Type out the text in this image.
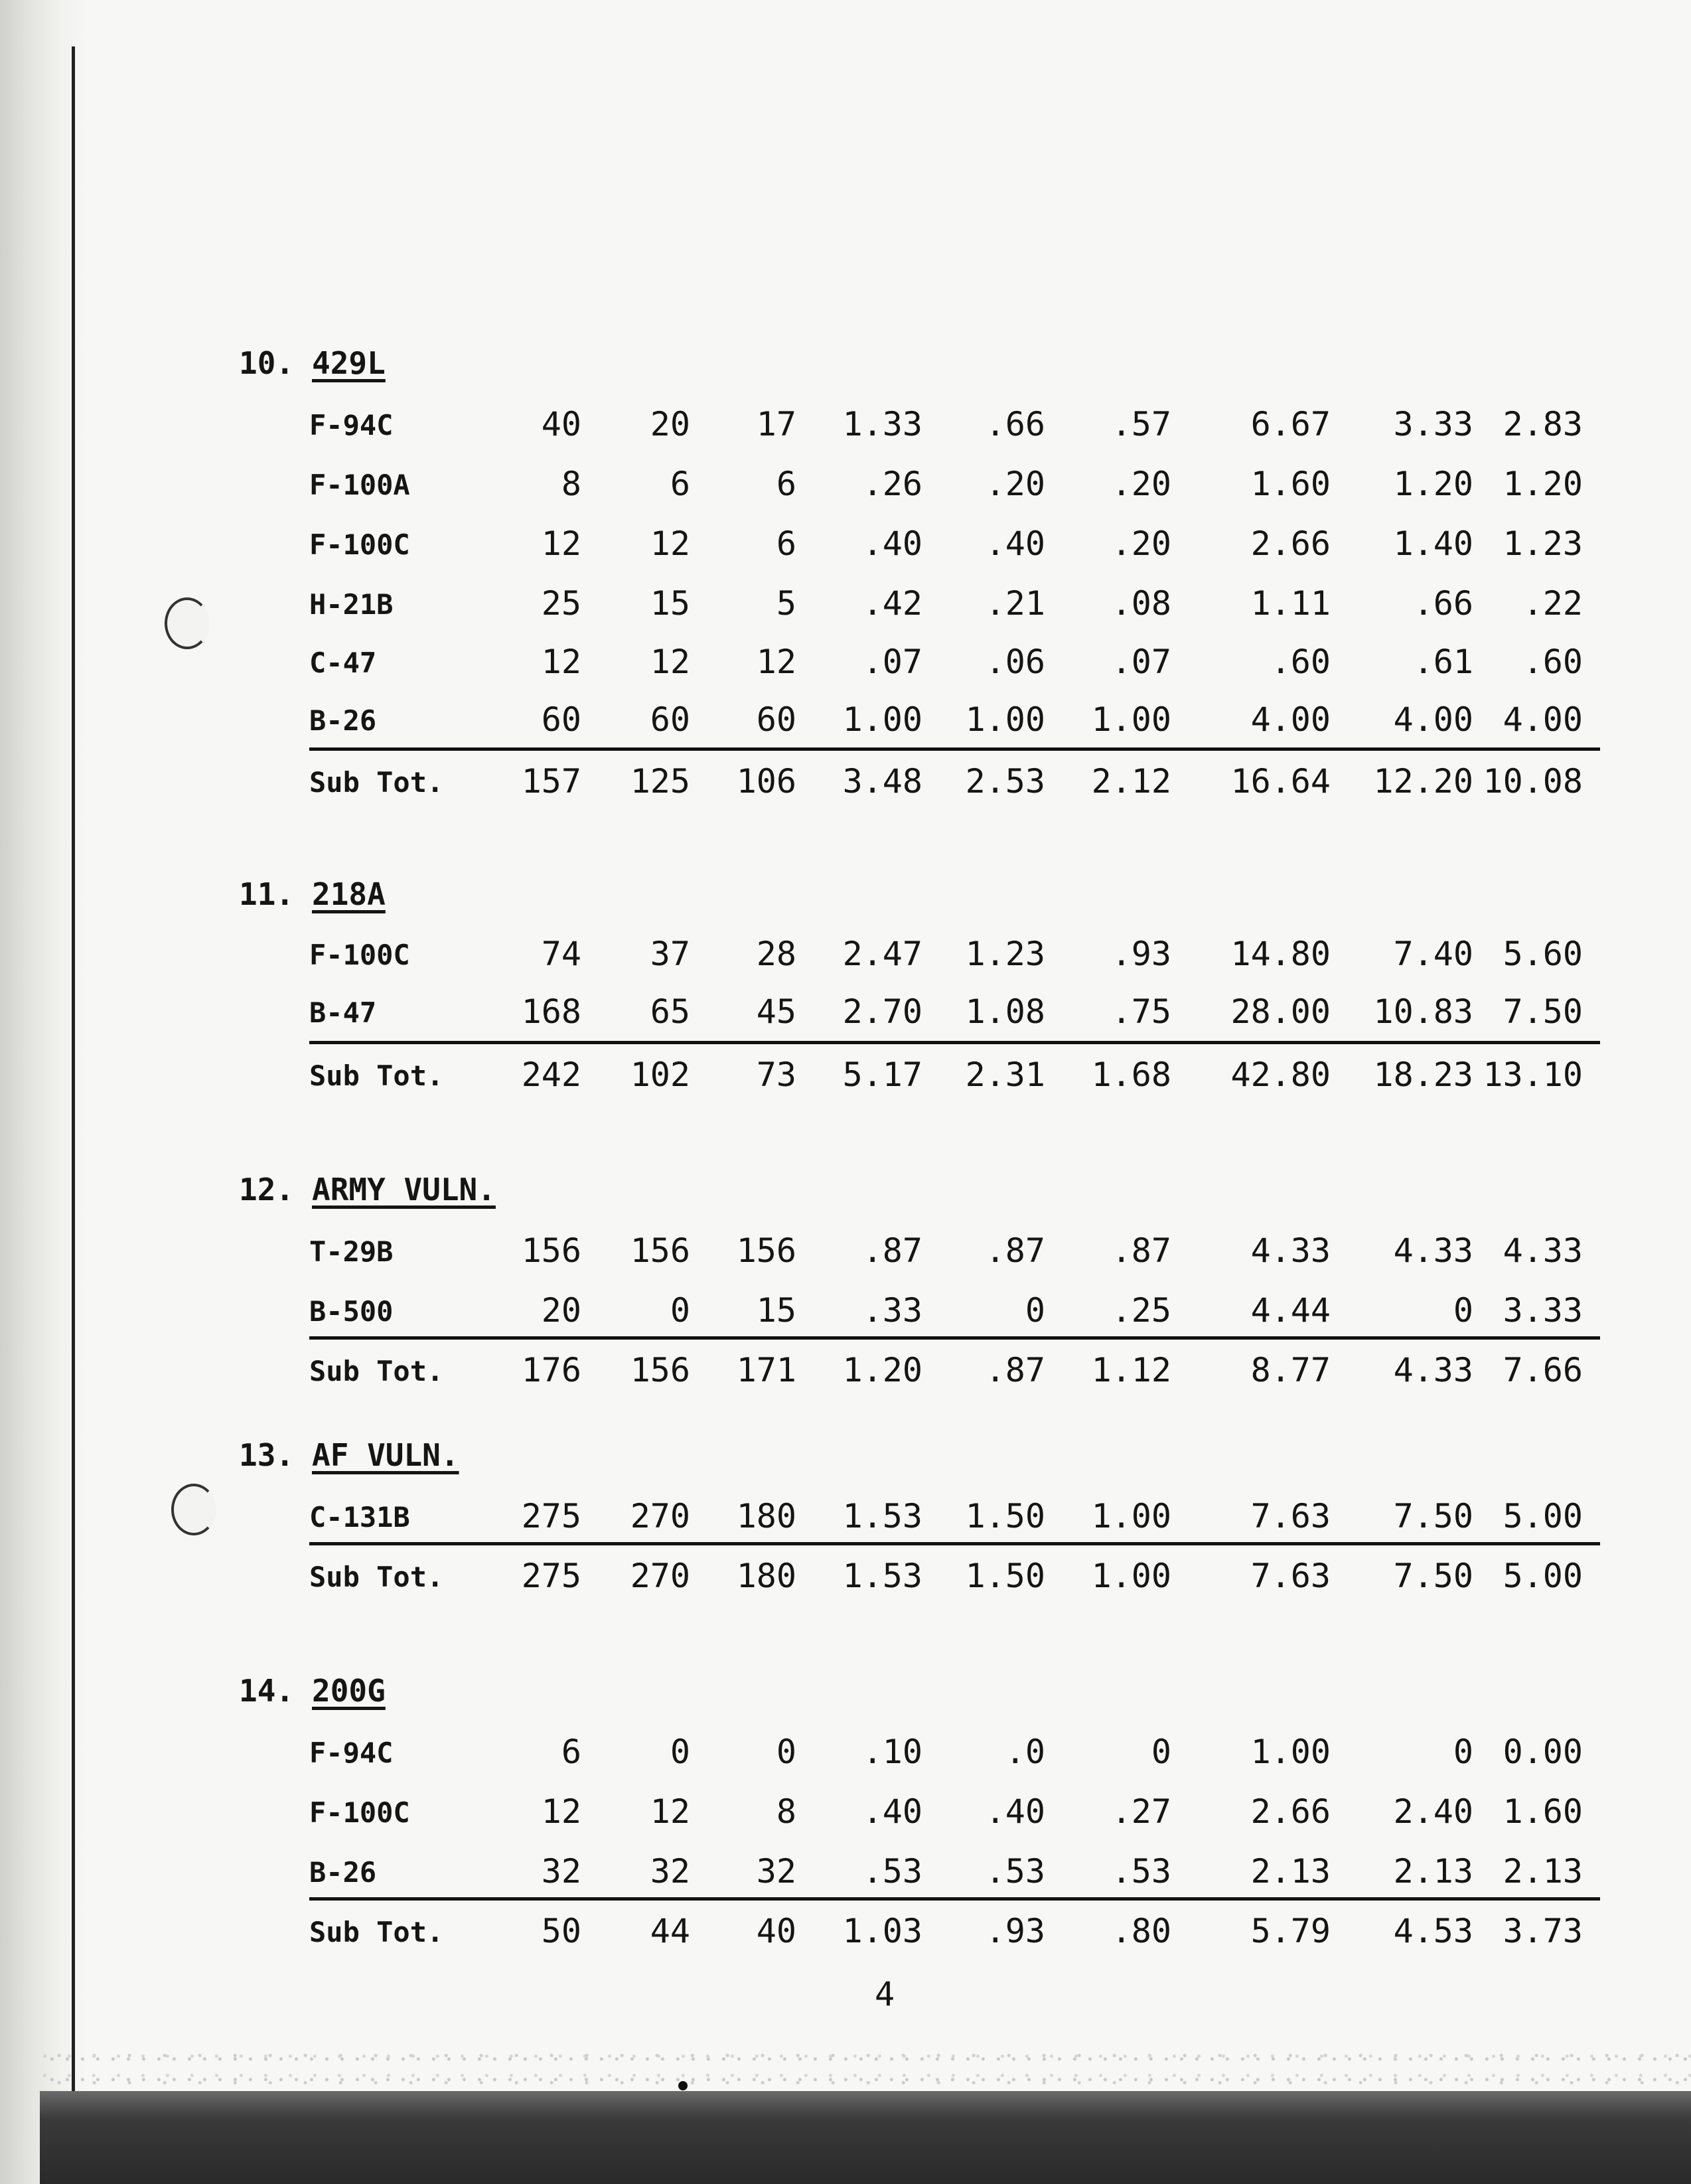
10. 429L
F-94C	40	20	17	1.33	.66	.57	6.67	3.33 2.83
F-100A	8	6	6	.26	.20	.20	1.60	1.20 1.20
F-100C	12	12	6	.40	.40	.20	2.66	1.40 1.23
H-21B	25	15	5	.42	.21	.08	1.11	.66	.22
C-47	12	12	12	.07	.06	.07	.60	.61	.60
B-26	60	60	60	1.00	1.00	1.00	4.00	4.00 4.00
Sub Tot.	157	125	106	3.48	2.53	2.12	16.64	12.20 10.08
11. 218A
F-100C	74	37	28	2.47	1.23	.93	14.80	7.40 5.60
B-47	168	65	45	2.70	1.08	.75	28.00	10.83 7.50
Sub Tot.	242	102	73	5.17	2.31	1.68	42.80	18.23 13.10
12. ARMY VULN.
T-29B	156	156	156	.87	.87	.87	4.33	4.33 4.33
B-500	20	0	15	.33	0	.25	4.44	0 3.33
Sub Tot.	176	156	171	1.20	.87	1.12	8.77	4.33 7.66
13. AF VULN.
C-131B	275	270	180	1.53	1.50	1.00	7.63	7.50 5.00
Sub Tot.	275	270	180	1.53	1.50	1.00	7.63	7.50 5.00
14. 200G
F-94C	6	0	0	.10	.0	0	1.00	0 0.00
F-100C	12	12	8	.40	.40	.27	2.66	2.40 1.60
B-26	32	32	32	.53	.53	.53	2.13	2.13 2.13
Sub Tot.	50	44	40	1.03	.93	.80	5.79	4.53 3.73
4
